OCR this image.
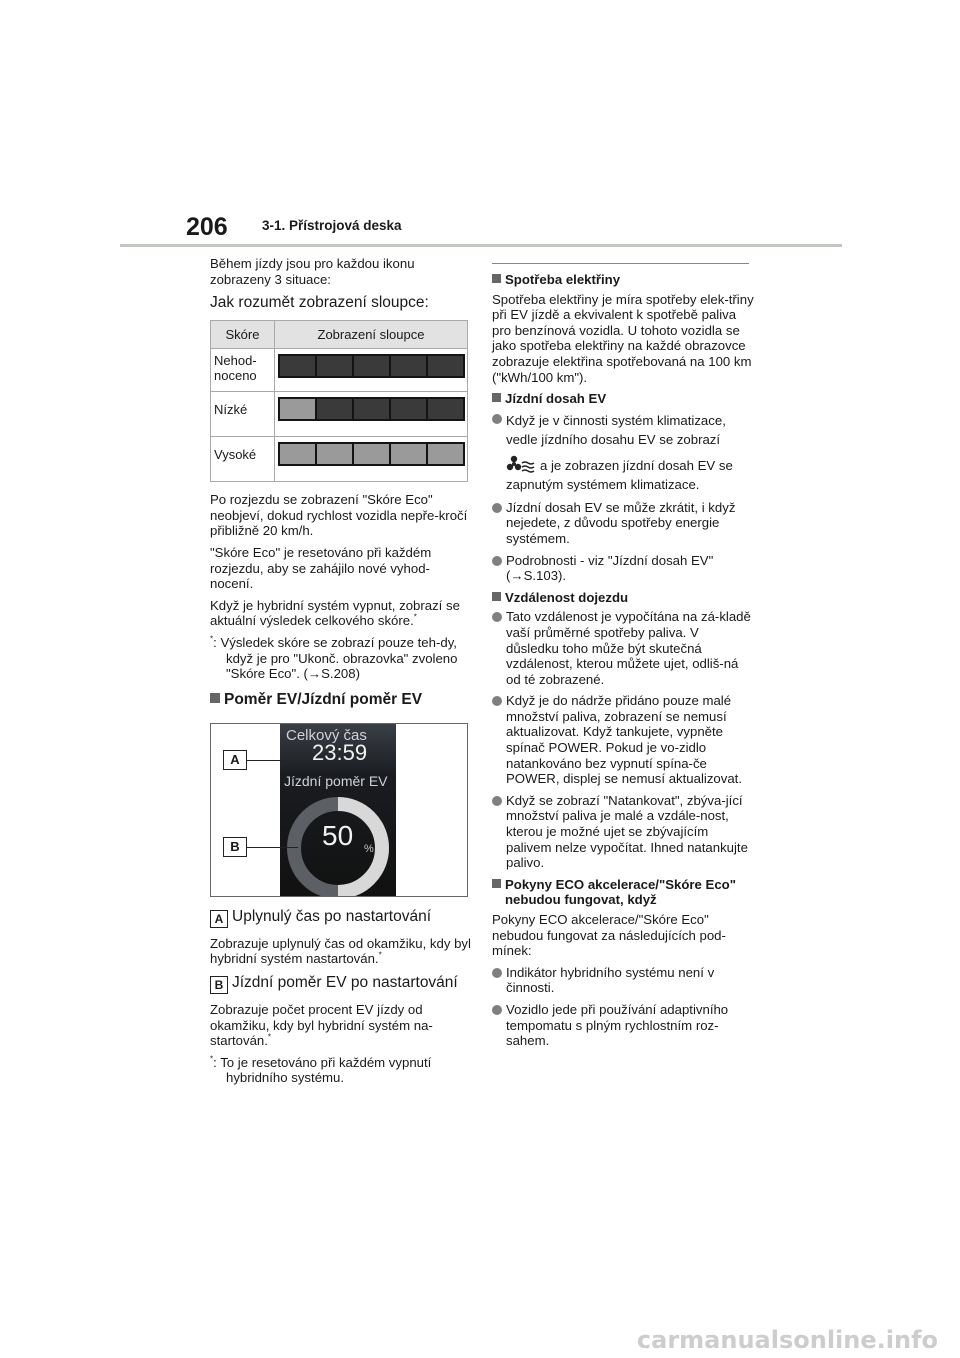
206	3-1. Přístrojová deska

Během jízdy jsou pro každou ikonu zobrazeny 3 situace:

Jak rozumět zobrazení sloupce:

Skóre	Zobrazení sloupce
Nehod-
noceno	

Nízké	

Vysoké	

Po rozjezdu se zobrazení "Skóre Eco" neobjeví, dokud rychlost vozidla nepře-kročí přibližně 20 km/h.

"Skóre Eco" je resetováno při každém rozjezdu, aby se zahájilo nové vyhod-nocení.

Když je hybridní systém vypnut, zobrazí se aktuální výsledek celkového skóre.*

*: Výsledek skóre se zobrazí pouze teh-dy, když je pro "Ukonč. obrazovka" zvoleno "Skóre Eco". (→S.208)

Poměr EV/Jízdní poměr EV
Celkový čas
23:59
Jízdní poměr EV
50 %
A
B
A Uplynulý čas po nastartování

Zobrazuje uplynulý čas od okamžiku, kdy byl hybridní systém nastartován.*

B Jízdní poměr EV po nastartování

Zobrazuje počet procent EV jízdy od okamžiku, kdy byl hybridní systém na-startován.*

*: To je resetováno při každém vypnutí hybridního systému.

Spotřeba elektřiny

Spotřeba elektřiny je míra spotřeby elek-třiny při EV jízdě a ekvivalent k spotřebě paliva pro benzínová vozidla. U tohoto vozidla se jako spotřeba elektřiny na každé obrazovce zobrazuje elektřina spotřebovaná na 100 km ("kWh/100 km").

Jízdní dosah EV
Když je v činnosti systém klimatizace, vedle jízdního dosahu EV se zobrazí
a je zobrazen jízdní dosah EV se zapnutým systémem klimatizace.
Jízdní dosah EV se může zkrátit, i když nejedete, z důvodu spotřeby energie systémem.
Podrobnosti - viz "Jízdní dosah EV" (→S.103).
Vzdálenost dojezdu
Tato vzdálenost je vypočítána na zá-kladě vaší průměrné spotřeby paliva. V důsledku toho může být skutečná vzdálenost, kterou můžete ujet, odliš-ná od té zobrazené.
Když je do nádrže přidáno pouze malé množství paliva, zobrazení se nemusí aktualizovat. Když tankujete, vypněte spínač POWER. Pokud je vo-zidlo natankováno bez vypnutí spína-če POWER, displej se nemusí aktualizovat.
Když se zobrazí "Natankovat", zbýva-jící množství paliva je malé a vzdále-nost, kterou je možné ujet se zbývajícím palivem nelze vypočítat. Ihned natankujte palivo.
Pokyny ECO akcelerace/"Skóre Eco" nebudou fungovat, když

Pokyny ECO akcelerace/"Skóre Eco" nebudou fungovat za následujících pod-mínek:

Indikátor hybridního systému není v činnosti.
Vozidlo jede při používání adaptivního tempomatu s plným rychlostním roz-sahem.
carmanualsonline.info
